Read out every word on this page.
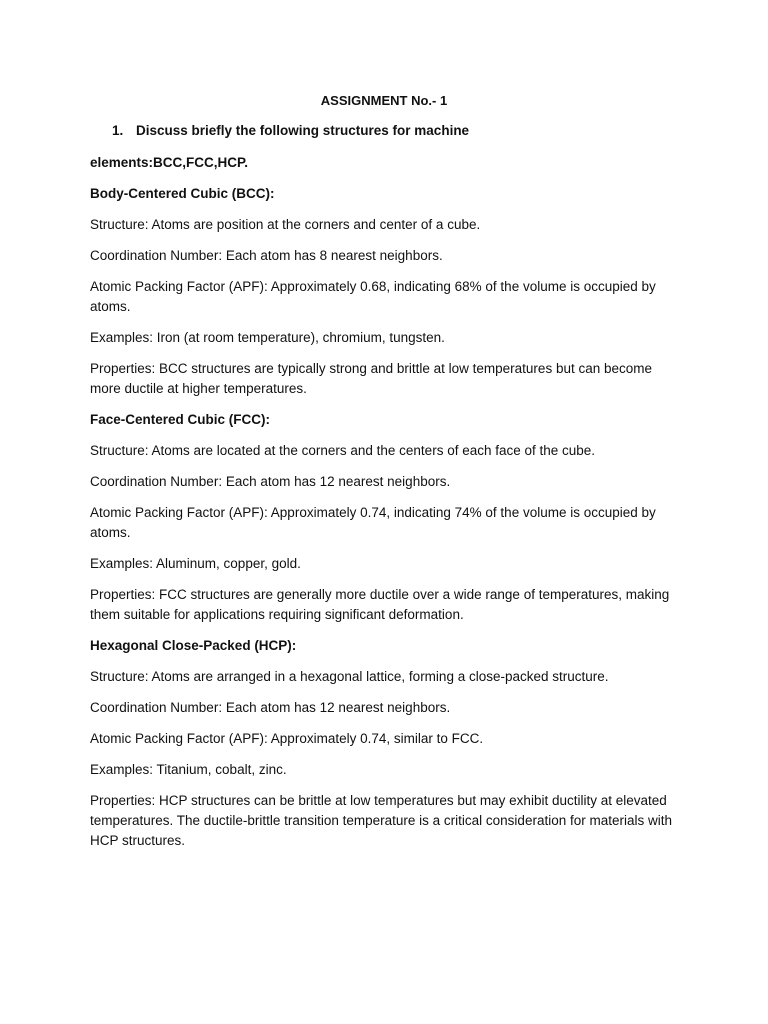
ASSIGNMENT No.- 1
1. Discuss briefly the following structures for machine

elements:BCC,FCC,HCP.

Body-Centered Cubic (BCC):

Structure: Atoms are position at the corners and center of a cube.

Coordination Number: Each atom has 8 nearest neighbors.

Atomic Packing Factor (APF): Approximately 0.68, indicating 68% of the volume is occupied by atoms.

Examples: Iron (at room temperature), chromium, tungsten.

Properties: BCC structures are typically strong and brittle at low temperatures but can become more ductile at higher temperatures.

Face-Centered Cubic (FCC):

Structure: Atoms are located at the corners and the centers of each face of the cube.

Coordination Number: Each atom has 12 nearest neighbors.

Atomic Packing Factor (APF): Approximately 0.74, indicating 74% of the volume is occupied by atoms.

Examples: Aluminum, copper, gold.

Properties: FCC structures are generally more ductile over a wide range of temperatures, making them suitable for applications requiring significant deformation.

Hexagonal Close-Packed (HCP):

Structure: Atoms are arranged in a hexagonal lattice, forming a close-packed structure.

Coordination Number: Each atom has 12 nearest neighbors.

Atomic Packing Factor (APF): Approximately 0.74, similar to FCC.

Examples: Titanium, cobalt, zinc.

Properties: HCP structures can be brittle at low temperatures but may exhibit ductility at elevated temperatures. The ductile-brittle transition temperature is a critical consideration for materials with HCP structures.
